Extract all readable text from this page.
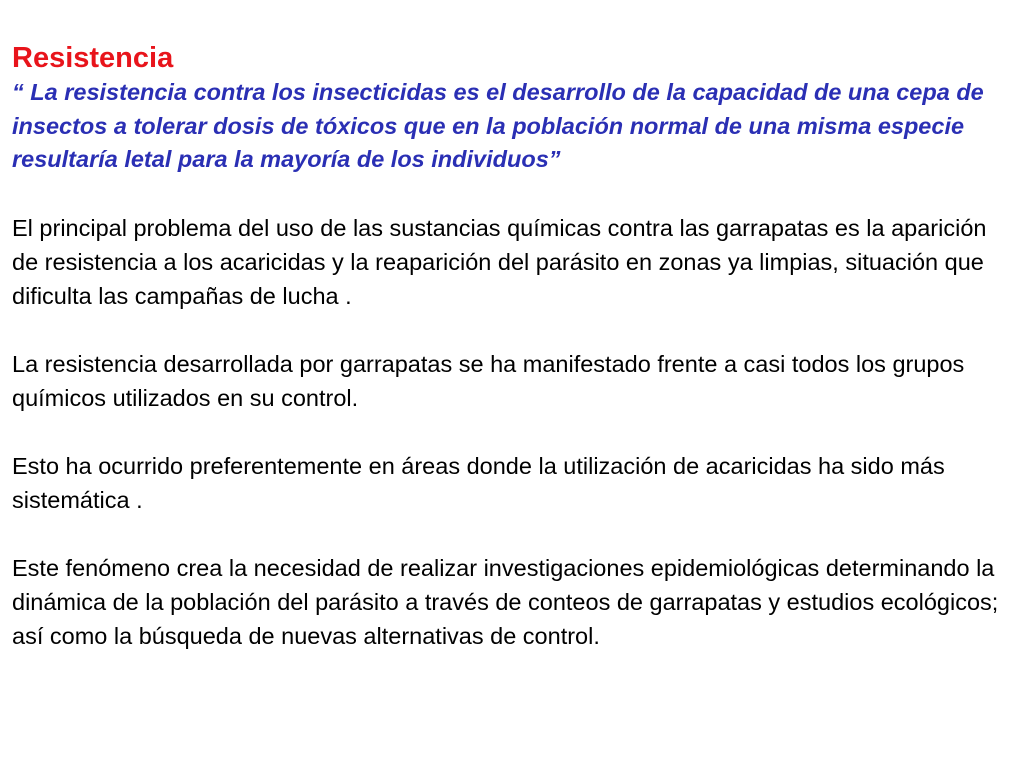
Resistencia

“ La resistencia contra los insecticidas es el desarrollo de la capacidad de una cepa de insectos a tolerar dosis de tóxicos que en la población normal de una misma especie resultaría letal para la mayoría de los individuos”

El principal problema del uso de las sustancias químicas contra las garrapatas es la aparición de resistencia a los acaricidas y la reaparición del parásito en zonas ya limpias, situación que dificulta las campañas de lucha .

La resistencia desarrollada por garrapatas se ha manifestado frente a casi todos los grupos químicos utilizados en su control.

Esto ha ocurrido preferentemente en áreas donde la utilización de acaricidas ha sido más sistemática .

Este fenómeno crea la necesidad de realizar investigaciones epidemiológicas determinando la dinámica de la población del parásito a través de conteos de garrapatas y estudios ecológicos; así como la búsqueda de nuevas alternativas de control.
